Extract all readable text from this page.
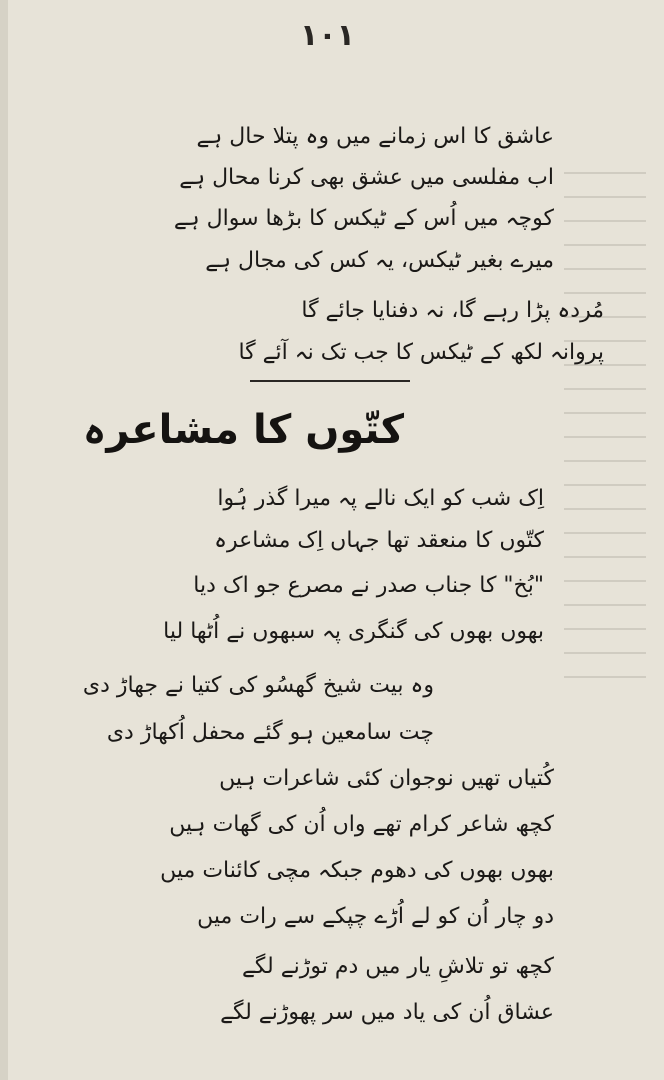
۱۰۱
عاشق کا اس زمانے میں وہ پتلا حال ہے
اب مفلسی میں عشق بھی کرنا محال ہے
کوچہ میں اُس کے ٹیکس کا بڑھا سوال ہے
میرے بغیر ٹیکس، یہ کس کی مجال ہے
مُردہ پڑا رہے گا، نہ دفنایا جائے گا
پروانہ لکھ کے ٹیکس کا جب تک نہ آئے گا
کتّوں کا مشاعرہ
اِک شب کو ایک نالے پہ میرا گذر ہُوا
کتّوں کا منعقد تھا جہاں اِک مشاعرہ
"بُخ" کا جناب صدر نے مصرع جو اک دیا
بھوں بھوں کی گنگری پہ سبھوں نے اُٹھا لیا
وہ بیت شیخ گھسُو کی کتیا نے جھاڑ دی
چت سامعین ہو گئے محفل اُکھاڑ دی
کُتیاں تھیں نوجوان کئی شاعرات ہیں
کچھ شاعر کرام تھے واں اُن کی گھات ہیں
بھوں بھوں کی دھوم جبکہ مچی کائنات میں
دو چار اُن کو لے اُڑے چپکے سے رات میں
کچھ تو تلاشِ یار میں دم توڑنے لگے
عشاق اُن کی یاد میں سر پھوڑنے لگے
